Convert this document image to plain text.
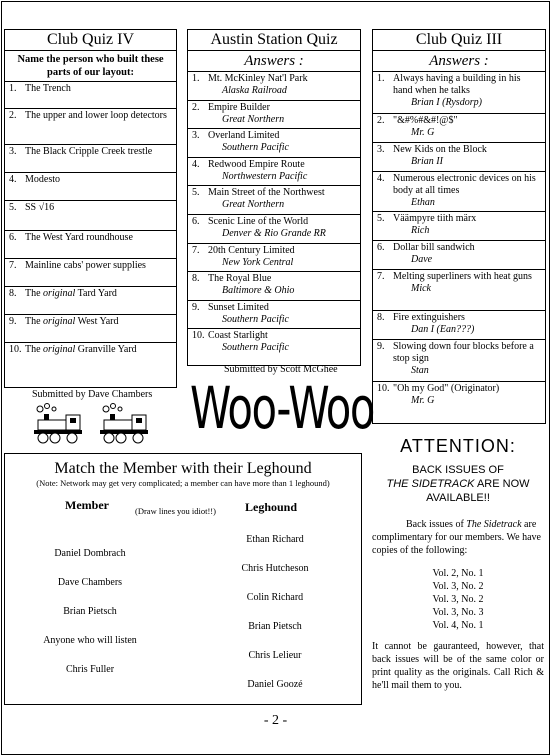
Club Quiz IV
Name the person who built these parts of our layout:
1. The Trench
2. The upper and lower loop detectors
3. The Black Cripple Creek trestle
4. Modesto
5. SS √16
6. The West Yard roundhouse
7. Mainline cabs' power supplies
8. The original Tard Yard
9. The original West Yard
10. The original Granville Yard
Submitted by Dave Chambers
Austin Station Quiz
Answers :
1. Mt. McKinley Nat'l Park
Alaska Railroad
2. Empire Builder
Great Northern
3. Overland Limited
Southern Pacific
4. Redwood Empire Route
Northwestern Pacific
5. Main Street of the Northwest
Great Northern
6. Scenic Line of the World
Denver & Rio Grande RR
7. 20th Century Limited
New York Central
8. The Royal Blue
Baltimore & Ohio
9. Sunset Limited
Southern Pacific
10. Coast Starlight
Southern Pacific
Submitted by Scott McGhee
Club Quiz III
Answers :
1. Always having a building in his hand when he talks
Brian I (Rysdorp)
2. "&#%#&#!@$"
Mr. G
3. New Kids on the Block
Brian II
4. Numerous electronic devices on his body at all times
Ethan
5. Väämpyre tiith märx
Rich
6. Dollar bill sandwich
Dave
7. Melting superliners with heat guns
Mick
8. Fire extinguishers
Dan I (Ean???)
9. Slowing down four blocks before a stop sign
Stan
10. "Oh my God" (Originator)
Mr. G
Woo-Woo
Match the Member with their Leghound
(Note: Network may get very complicated; a member can have more than 1 leghound)
Member	(Draw lines you idiot!!) Leghound
Daniel Dombrach
Dave Chambers
Brian Pietsch
Anyone who will listen
Chris Fuller
Ethan Richard
Chris Hutcheson
Colin Richard
Brian Pietsch
Chris Lelieur
Daniel Goozé
ATTENTION:
BACK ISSUES OF
THE SIDETRACK ARE NOW
AVAILABLE!!
Back issues of The Sidetrack are complimentary for our members. We have copies of the following:
Vol. 2, No. 1
Vol. 3, No. 2
Vol. 3, No. 2
Vol. 3, No. 3
Vol. 4, No. 1
It cannot be gauranteed, however, that back issues will be of the same color or print quality as the originals. Call Rich & he'll mail them to you.
- 2 -
